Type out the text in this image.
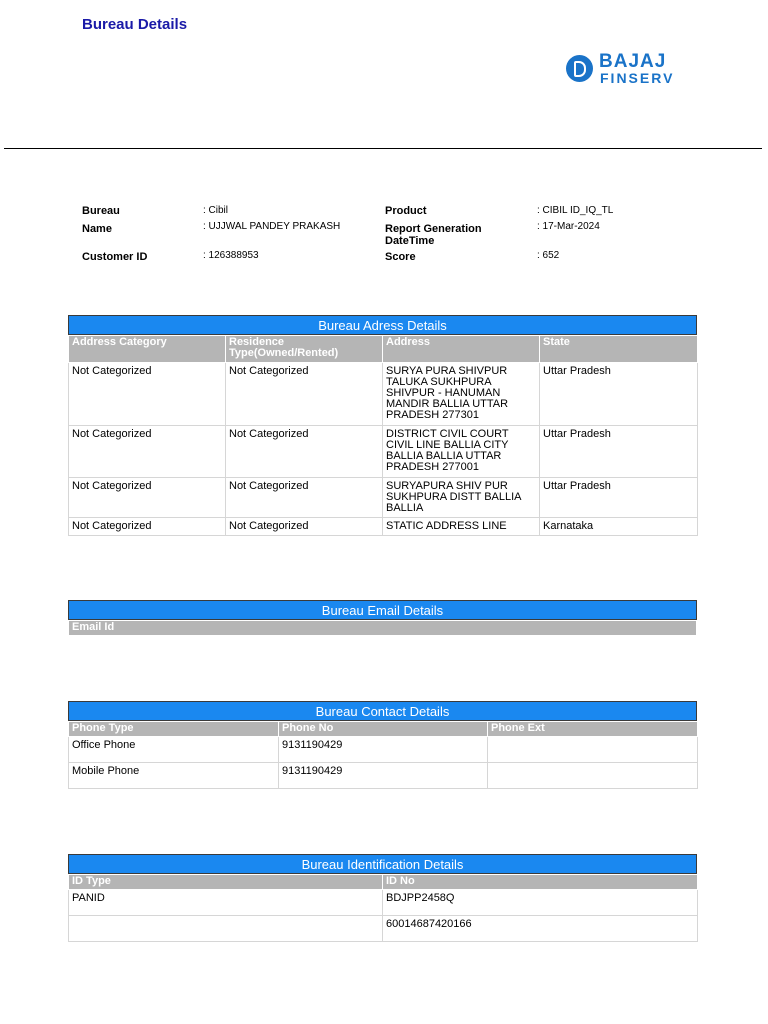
Bureau Details
BAJAJ
FINSERV
Bureau	: Cibil
Name	: UJJWAL PANDEY PRAKASH
Customer ID	: 126388953
Product	: CIBIL ID_IQ_TL
Report Generation DateTime
: 17-Mar-2024
Score	: 652
Bureau Adress Details
Address Category	Residence Type(Owned/Rented)	Address	State
Not Categorized	Not Categorized	SURYA PURA SHIVPUR TALUKA SUKHPURA SHIVPUR - HANUMAN MANDIR BALLIA UTTAR PRADESH 277301	Uttar Pradesh
Not Categorized	Not Categorized	DISTRICT CIVIL COURT CIVIL LINE BALLIA CITY BALLIA BALLIA UTTAR PRADESH 277001	Uttar Pradesh
Not Categorized	Not Categorized	SURYAPURA SHIV PUR SUKHPURA DISTT BALLIA BALLIA	Uttar Pradesh
Not Categorized	Not Categorized	STATIC ADDRESS LINE	Karnataka
Bureau Email Details
Email Id
Bureau Contact Details
Phone Type	Phone No	Phone Ext
Office Phone	9131190429	
Mobile Phone	9131190429	
Bureau Identification Details
ID Type	ID No
PANID	BDJPP2458Q
	60014687420166
